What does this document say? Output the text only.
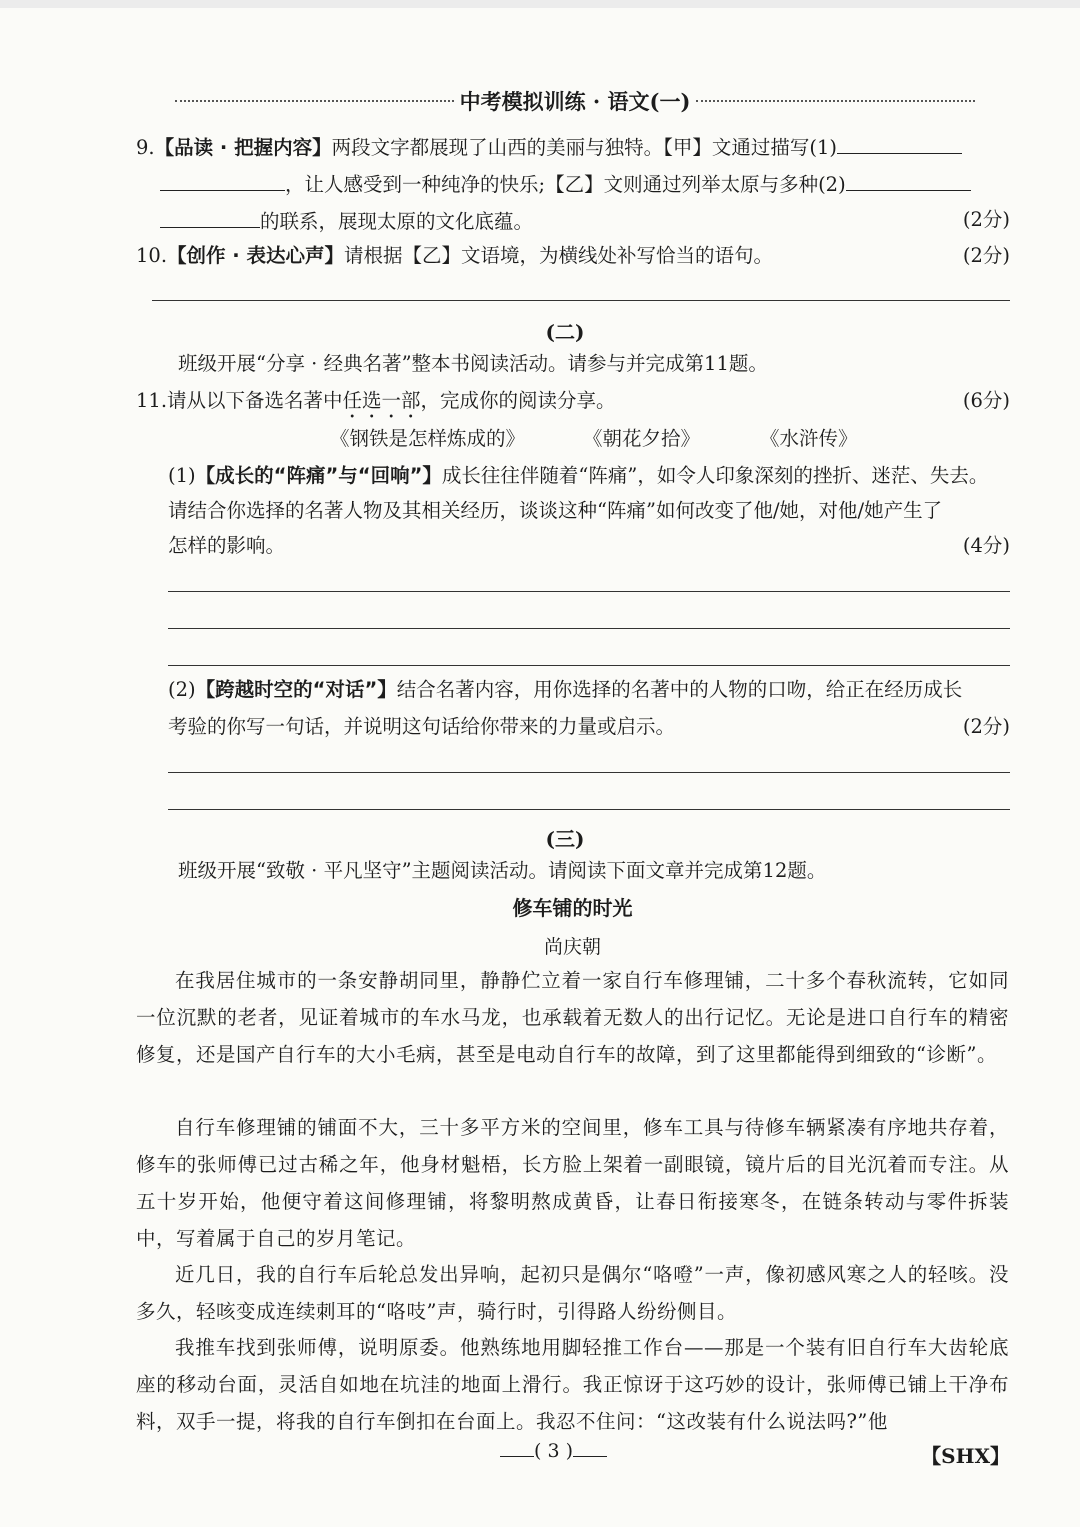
中考模拟训练 · 语文(一)
9.【品读 · 把握内容】两段文字都展现了山西的美丽与独特。【甲】文通过描写(1)
，让人感受到一种纯净的快乐;【乙】文则通过列举太原与多种(2)
的联系，展现太原的文化底蕴。	(2分)
10.【创作 · 表达心声】请根据【乙】文语境，为横线处补写恰当的语句。	(2分)
(二)
班级开展“分享 · 经典名著”整本书阅读活动。请参与并完成第11题。
11.请从以下备选名著中任选一部，完成你的阅读分享。	(6分)
《钢铁是怎样炼成的》	《朝花夕拾》	《水浒传》
(1)【成长的“阵痛”与“回响”】成长往往伴随着“阵痛”，如令人印象深刻的挫折、迷茫、失去。
请结合你选择的名著人物及其相关经历，谈谈这种“阵痛”如何改变了他/她，对他/她产生了
怎样的影响。	(4分)
(2)【跨越时空的“对话”】结合名著内容，用你选择的名著中的人物的口吻，给正在经历成长
考验的你写一句话，并说明这句话给你带来的力量或启示。	(2分)
(三)
班级开展“致敬 · 平凡坚守”主题阅读活动。请阅读下面文章并完成第12题。
修车铺的时光
尚庆朝
在我居住城市的一条安静胡同里，静静伫立着一家自行车修理铺，二十多个春秋流转，它如同一位沉默的老者，见证着城市的车水马龙，也承载着无数人的出行记忆。无论是进口自行车的精密修复，还是国产自行车的大小毛病，甚至是电动自行车的故障，到了这里都能得到细致的“诊断”。
自行车修理铺的铺面不大，三十多平方米的空间里，修车工具与待修车辆紧凑有序地共存着，修车的张师傅已过古稀之年，他身材魁梧，长方脸上架着一副眼镜，镜片后的目光沉着而专注。从五十岁开始，他便守着这间修理铺，将黎明熬成黄昏，让春日衔接寒冬，在链条转动与零件拆装中，写着属于自己的岁月笔记。
近几日，我的自行车后轮总发出异响，起初只是偶尔“咯噔”一声，像初感风寒之人的轻咳。没多久，轻咳变成连续刺耳的“咯吱”声，骑行时，引得路人纷纷侧目。
我推车找到张师傅，说明原委。他熟练地用脚轻推工作台——那是一个装有旧自行车大齿轮底座的移动台面，灵活自如地在坑洼的地面上滑行。我正惊讶于这巧妙的设计，张师傅已铺上干净布料，双手一提，将我的自行车倒扣在台面上。我忍不住问：“这改装有什么说法吗?”他
( 3 )	【SHX】
